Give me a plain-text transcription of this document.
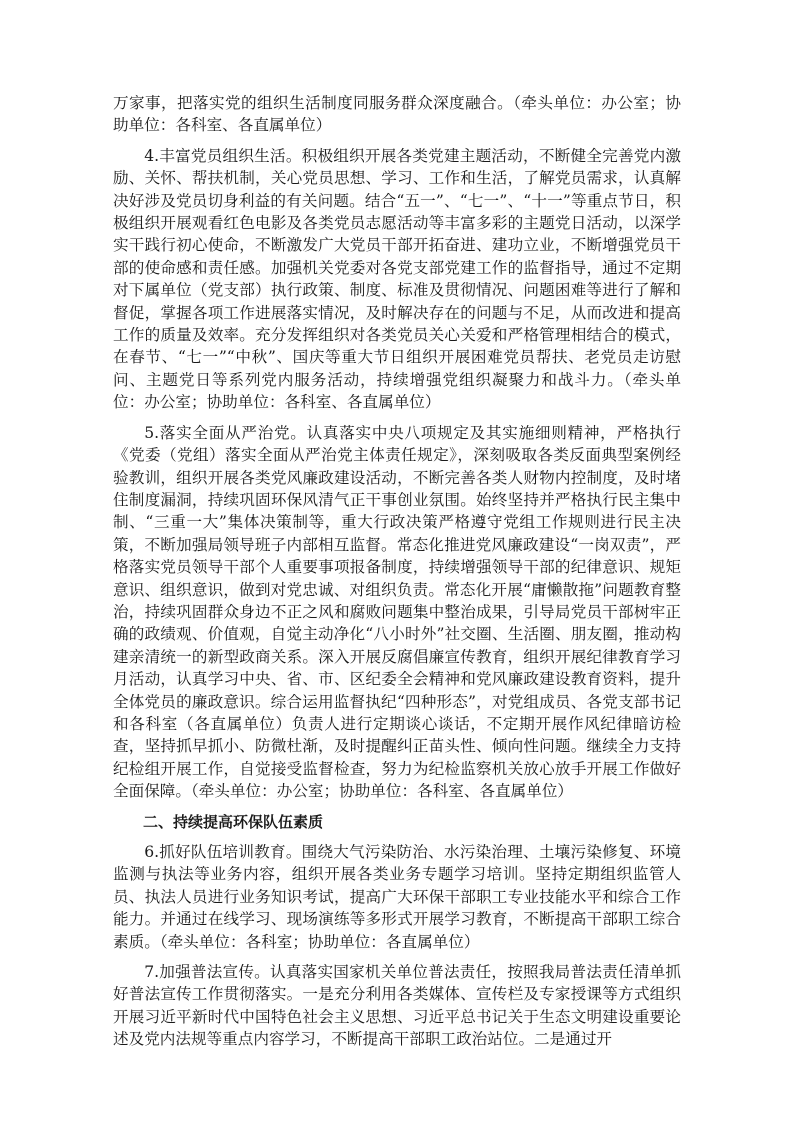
万家事，把落实党的组织生活制度同服务群众深度融合。（牵头单位：办公室；协助单位：各科室、各直属单位）

4.丰富党员组织生活。积极组织开展各类党建主题活动，不断健全完善党内激励、关怀、帮扶机制，关心党员思想、学习、工作和生活，了解党员需求，认真解决好涉及党员切身利益的有关问题。结合“五一”、“七一”、“十一”等重点节日，积极组织开展观看红色电影及各类党员志愿活动等丰富多彩的主题党日活动，以深学实干践行初心使命，不断激发广大党员干部开拓奋进、建功立业，不断增强党员干部的使命感和责任感。加强机关党委对各党支部党建工作的监督指导，通过不定期对下属单位（党支部）执行政策、制度、标准及贯彻情况、问题困难等进行了解和督促，掌握各项工作进展落实情况，及时解决存在的问题与不足，从而改进和提高工作的质量及效率。充分发挥组织对各类党员关心关爱和严格管理相结合的模式，在春节、“七一”“中秋”、国庆等重大节日组织开展困难党员帮扶、老党员走访慰问、主题党日等系列党内服务活动，持续增强党组织凝聚力和战斗力。（牵头单位：办公室；协助单位：各科室、各直属单位）

5.落实全面从严治党。认真落实中央八项规定及其实施细则精神，严格执行《党委（党组）落实全面从严治党主体责任规定》，深刻吸取各类反面典型案例经验教训，组织开展各类党风廉政建设活动，不断完善各类人财物内控制度，及时堵住制度漏洞，持续巩固环保风清气正干事创业氛围。始终坚持并严格执行民主集中制、“三重一大”集体决策制等，重大行政决策严格遵守党组工作规则进行民主决策，不断加强局领导班子内部相互监督。常态化推进党风廉政建设“一岗双责”，严格落实党员领导干部个人重要事项报备制度，持续增强领导干部的纪律意识、规矩意识、组织意识，做到对党忠诚、对组织负责。常态化开展“庸懒散拖”问题教育整治，持续巩固群众身边不正之风和腐败问题集中整治成果，引导局党员干部树牢正确的政绩观、价值观，自觉主动净化“八小时外”社交圈、生活圈、朋友圈，推动构建亲清统一的新型政商关系。深入开展反腐倡廉宣传教育，组织开展纪律教育学习月活动，认真学习中央、省、市、区纪委全会精神和党风廉政建设教育资料，提升全体党员的廉政意识。综合运用监督执纪“四种形态”，对党组成员、各党支部书记和各科室（各直属单位）负责人进行定期谈心谈话，不定期开展作风纪律暗访检查，坚持抓早抓小、防微杜渐，及时提醒纠正苗头性、倾向性问题。继续全力支持纪检组开展工作，自觉接受监督检查，努力为纪检监察机关放心放手开展工作做好全面保障。（牵头单位：办公室；协助单位：各科室、各直属单位）

二、持续提高环保队伍素质

6.抓好队伍培训教育。围绕大气污染防治、水污染治理、土壤污染修复、环境监测与执法等业务内容，组织开展各类业务专题学习培训。坚持定期组织监管人员、执法人员进行业务知识考试，提高广大环保干部职工专业技能水平和综合工作能力。并通过在线学习、现场演练等多形式开展学习教育，不断提高干部职工综合素质。（牵头单位：各科室；协助单位：各直属单位）

7.加强普法宣传。认真落实国家机关单位普法责任，按照我局普法责任清单抓好普法宣传工作贯彻落实。一是充分利用各类媒体、宣传栏及专家授课等方式组织开展习近平新时代中国特色社会主义思想、习近平总书记关于生态文明建设重要论述及党内法规等重点内容学习，不断提高干部职工政治站位。二是通过开
